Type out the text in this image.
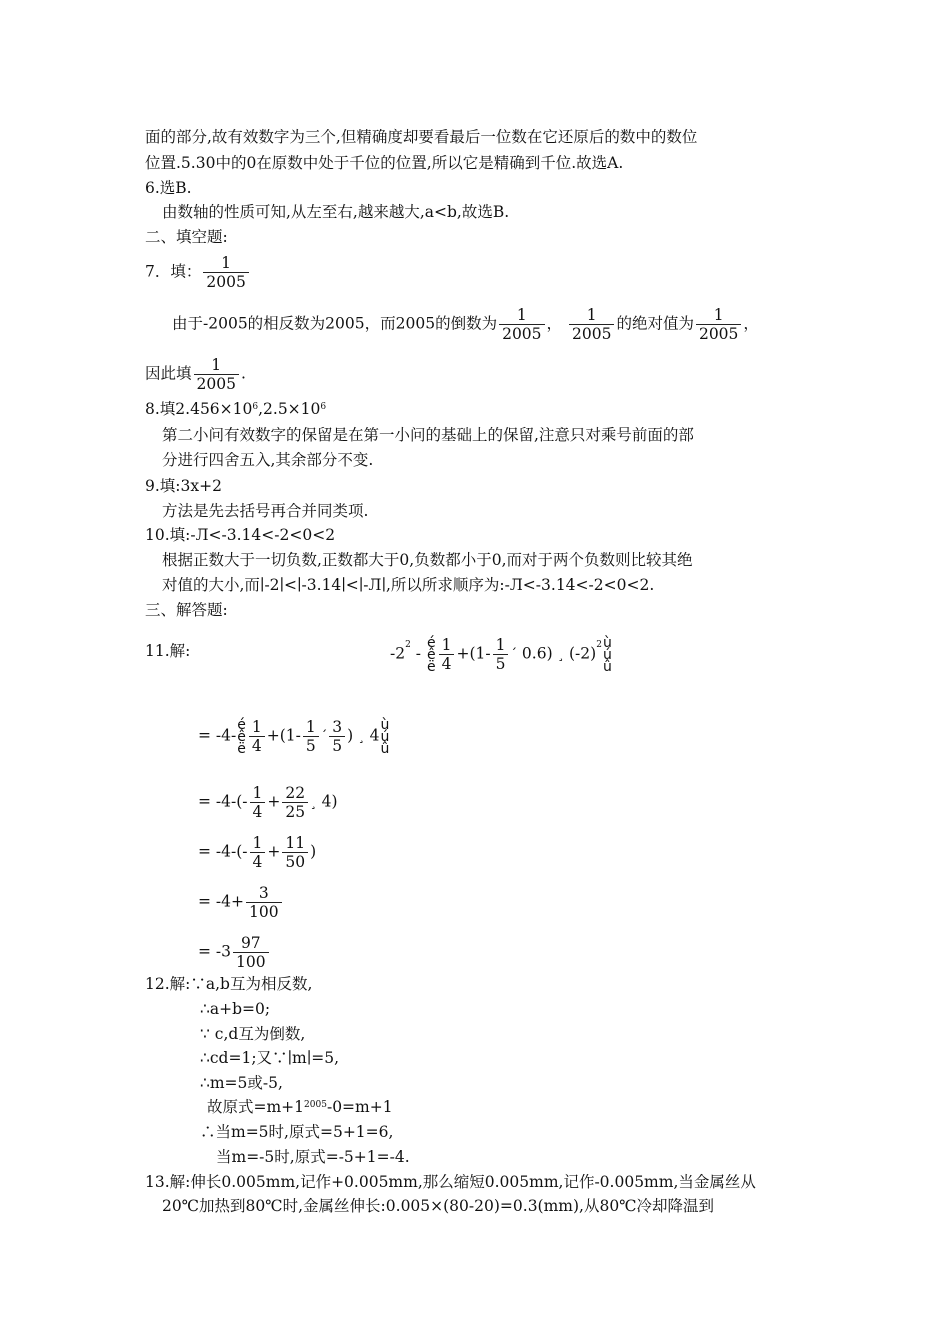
面的部分,故有效数字为三个,但精确度却要看最后一位数在它还原后的数中的数位
位置.5.30中的0在原数中处于千位的位置,所以它是精确到千位.故选A.
6.选B.
由数轴的性质可知,从左至右,越来越大,a<b,故选B.
二、填空题:
7．填： $\frac{1}{2005}$
由于-2005的相反数为2005，而2005的倒数为 $\frac{1}{2005}$ ， $\frac{1}{2005}$ 的绝对值为 $\frac{1}{2005}$ ，
因此填 $\frac{1}{2005}$ .
8.填$2.456\times 10^6,2.5\times 10^6$
第二小问有效数字的保留是在第一小问的基础上的保留,注意只对乘号前面的部
分进行四舍五入,其余部分不变.
9.填:3x+2
方法是先去括号再合并同类项.
10.填:-Л<-3.14<-2<0<2
根据正数大于一切负数,正数都大于0,负数都小于0,而对于两个负数则比较其绝
对值的大小,而∣-2∣<∣-3.14∣<∣-Л∣,所以所求顺序为:-Л<-3.14<-2<0<2.
三、解答题:
11.解:	$-2^2$ -
é
ê
ë $\frac{1}{4} +(1- \frac{1}{5}$ ´ 0.6) ¸ $(-2)^2$ ù
ú
û
= -4-
é
ê
ë $\frac{1}{4} +(1- \frac{1}{5}$ ´ $\frac{3}{5}$ ) ¸ 4
ù
ú
û
= $-4-(- \frac{1}{4} + \frac{22}{25}$ ¸ 4)
= $-4-(- \frac{1}{4} + \frac{11}{50}$ )
= $-4+ \frac{3}{100}$
= $-3 \frac{97}{100}$
12.解:∵a,b互为相反数,
∴a+b=0;
∵ c,d互为倒数,
∴cd=1;又∵∣m∣=5,
∴m=5或-5,
故原式$=m+1^{2005}-0=m+1$
∴当m=5时,原式=5+1=6,
当m=-5时,原式=-5+1=-4.
13.解:伸长0.005mm,记作+0.005mm,那么缩短0.005mm,记作-0.005mm,当金属丝从
20℃加热到80℃时,金属丝伸长:0.005×(80-20)=0.3(mm),从80℃冷却降温到
